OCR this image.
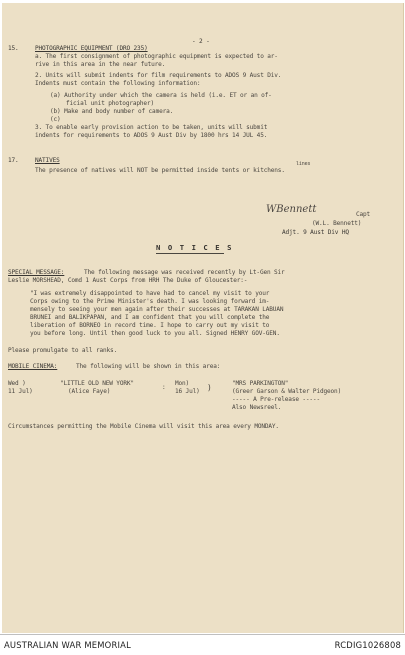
- 2 -
15.	PHOTOGRAPHIC EQUIPMENT (DRO 235)
a. The first consignment of photographic equipment is expected to ar-
rive in this area in the near future.
2. Units will submit indents for film requirements to ADOS 9 Aust Div.
Indents must contain the following information:
(a) Authority under which the camera is held (i.e. ET or an of-
ficial unit photographer)
(b) Make and body number of camera.
(c)
3. To enable early provision action to be taken, units will submit
indents for requirements to ADOS 9 Aust Div by 1800 hrs 14 JUL 45.
17.	NATIVES	lines
The presence of natives will NOT be permitted inside tents or kitchens.
WBennett	Capt
(W.L. Bennett)
Adjt. 9 Aust Div HQ
N O T I C E S
SPECIAL MESSAGE:	The following message was received recently by Lt-Gen Sir
Leslie MORSHEAD, Comd 1 Aust Corps from HRH The Duke of Gloucester:-
"I was extremely disappointed to have had to cancel my visit to your
Corps owing to the Prime Minister's death. I was looking forward im-
mensely to seeing your men again after their successes at TARAKAN LABUAN
BRUNEI and BALIKPAPAN, and I am confident that you will complete the
liberation of BORNEO in record time. I hope to carry out my visit to
you before long. Until then good luck to you all. Signed HENRY GOV-GEN.
Please promulgate to all ranks.
MOBILE CINEMA:	The following will be shown in this area:
Wed )
11 Jul)
"LITTLE OLD NEW YORK"
(Alice Faye)
:
Mon)
16 Jul) )	"MRS PARKINGTON"
(Greer Garson & Walter Pidgeon)
----- A Pre-release -----
Also Newsreel.
Circumstances permitting the Mobile Cinema will visit this area every MONDAY.
AUSTRALIAN WAR MEMORIAL	RCDIG1026808
